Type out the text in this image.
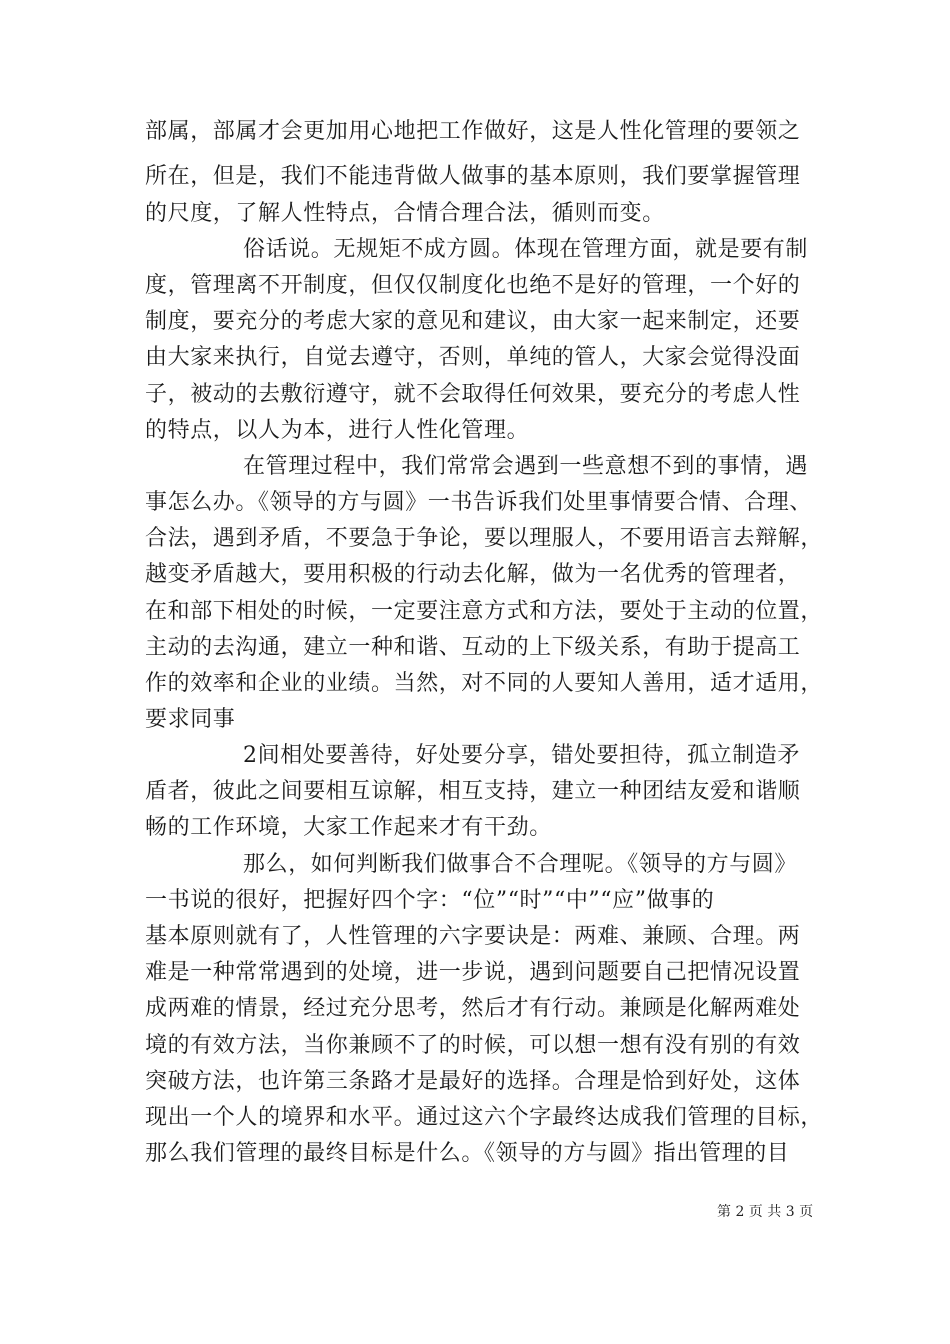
部属，部属才会更加用心地把工作做好，这是人性化管理的要领之
所在，但是，我们不能违背做人做事的基本原则，我们要掌握管理
的尺度，了解人性特点，合情合理合法，循则而变。
俗话说。无规矩不成方圆。体现在管理方面，就是要有制
度，管理离不开制度，但仅仅制度化也绝不是好的管理，一个好的
制度，要充分的考虑大家的意见和建议，由大家一起来制定，还要
由大家来执行，自觉去遵守，否则，单纯的管人，大家会觉得没面
子，被动的去敷衍遵守，就不会取得任何效果，要充分的考虑人性
的特点，以人为本，进行人性化管理。
在管理过程中，我们常常会遇到一些意想不到的事情，遇
事怎么办。《领导的方与圆》一书告诉我们处里事情要合情、合理、
合法，遇到矛盾，不要急于争论，要以理服人，不要用语言去辩解，
越变矛盾越大，要用积极的行动去化解，做为一名优秀的管理者，
在和部下相处的时候，一定要注意方式和方法，要处于主动的位置，
主动的去沟通，建立一种和谐、互动的上下级关系，有助于提高工
作的效率和企业的业绩。当然，对不同的人要知人善用，适才适用，
要求同事
2间相处要善待，好处要分享，错处要担待，孤立制造矛
盾者，彼此之间要相互谅解，相互支持，建立一种团结友爱和谐顺
畅的工作环境，大家工作起来才有干劲。
那么，如何判断我们做事合不合理呢。《领导的方与圆》
一书说的很好，把握好四个字：“位”“时”“中”“应”做事的
基本原则就有了，人性管理的六字要诀是：两难、兼顾、合理。两
难是一种常常遇到的处境，进一步说，遇到问题要自己把情况设置
成两难的情景，经过充分思考，然后才有行动。兼顾是化解两难处
境的有效方法，当你兼顾不了的时候，可以想一想有没有别的有效
突破方法，也许第三条路才是最好的选择。合理是恰到好处，这体
现出一个人的境界和水平。通过这六个字最终达成我们管理的目标，
那么我们管理的最终目标是什么。《领导的方与圆》指出管理的目
第 2 页 共 3 页
